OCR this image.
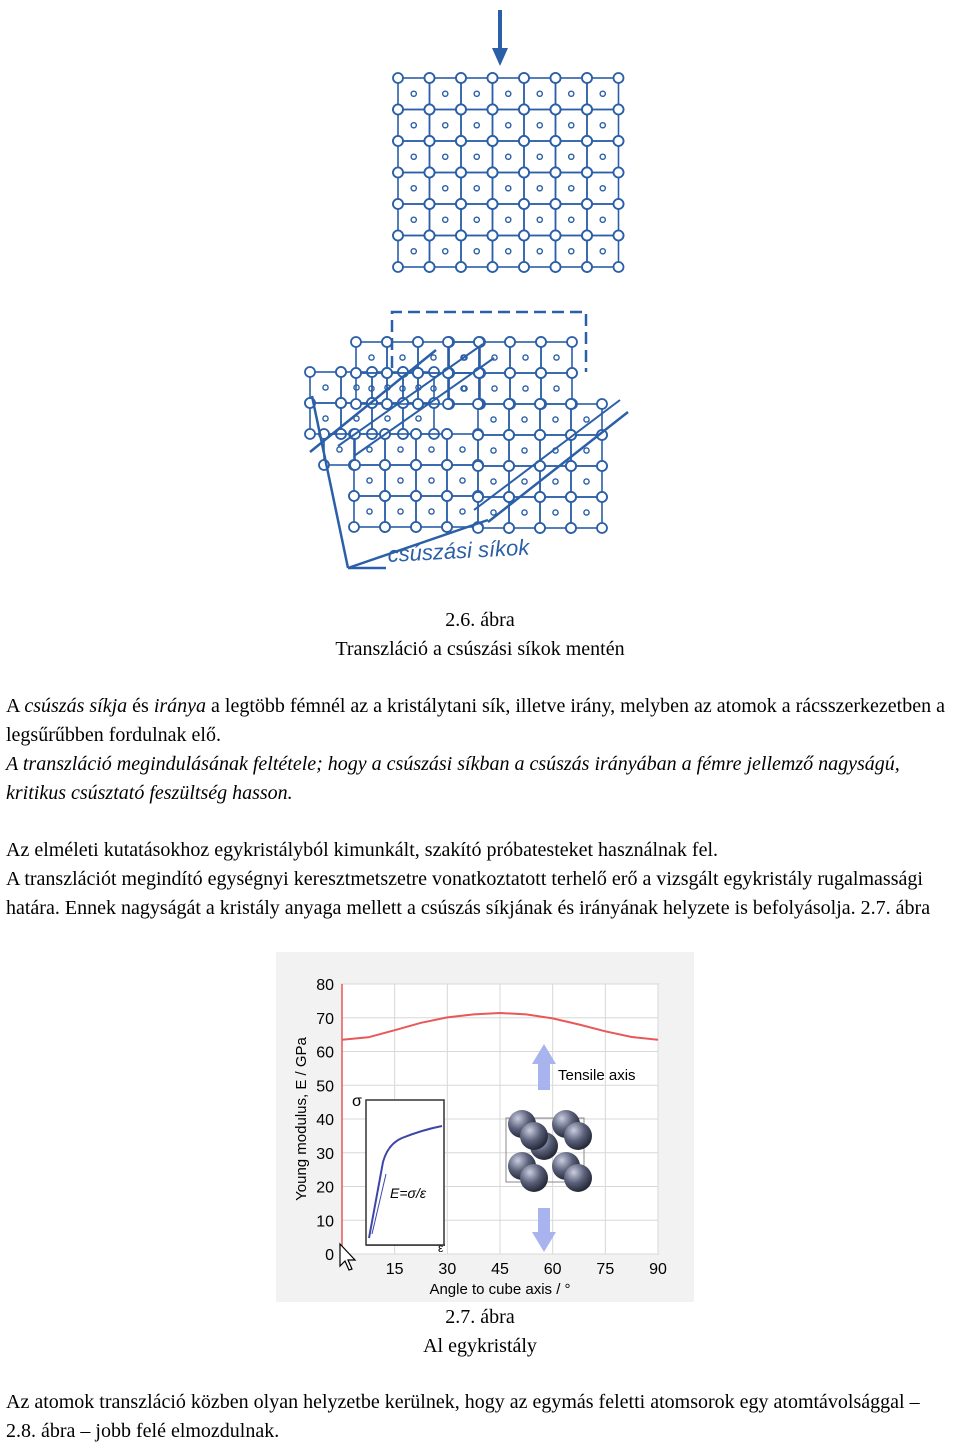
csúszási síkok
2.6. ábra
Transzláció a csúszási síkok mentén

A csúszás síkja és iránya a legtöbb fémnél az a kristálytani sík, illetve irány, melyben az atomok a rácsszerkezetben a legsűrűbben fordulnak elő.

A transzláció megindulásának feltétele; hogy a csúszási síkban a csúszás irányában a fémre jellemző nagyságú, kritikus csúsztató feszültség hasson.

Az elméleti kutatásokhoz egykristályból kimunkált, szakító próbatesteket használnak fel.

A transzlációt megindító egységnyi keresztmetszetre vonatkoztatott terhelő erő a vizsgált egykristály rugalmassági határa. Ennek nagyságát a kristály anyaga mellett a csúszás síkjának és irányának helyzete is befolyásolja. 2.7. ábra

0
10
20
30
40
50
60
70
80
15 30 45 60 75 90
σ
ε
E=σ/ε
Tensile axis
Young modulus, E / GPa
Angle to cube axis / °
2.7. ábra
Al egykristály

Az atomok transzláció közben olyan helyzetbe kerülnek, hogy az egymás feletti atomsorok egy atomtávolsággal – 2.8. ábra – jobb felé elmozdulnak.
